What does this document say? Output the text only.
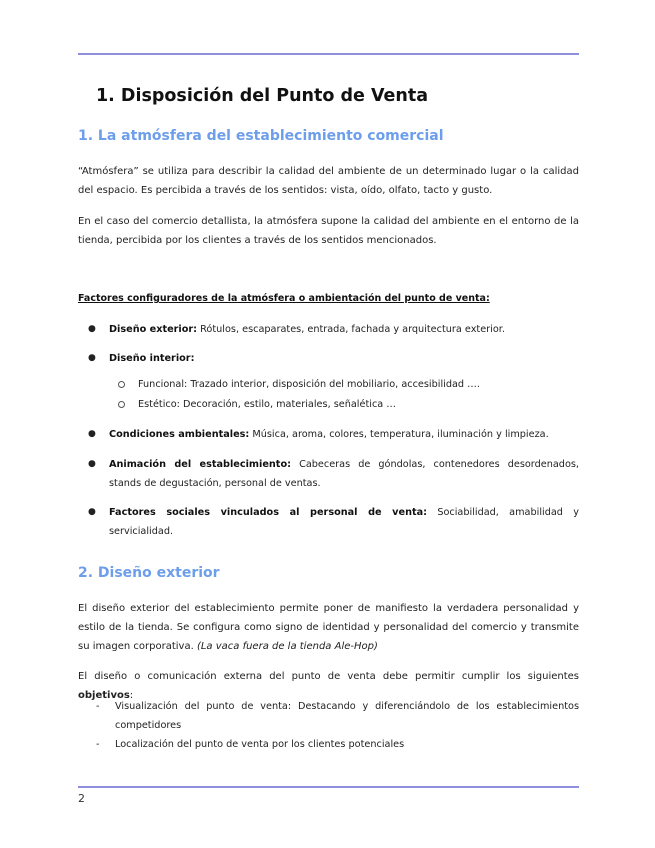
1. Disposición del Punto de Venta
1. La atmósfera del establecimiento comercial

“Atmósfera” se utiliza para describir la calidad del ambiente de un determinado lugar o la calidad del espacio. Es percibida a través de los sentidos: vista, oído, olfato, tacto y gusto.

En el caso del comercio detallista, la atmósfera supone la calidad del ambiente en el entorno de la tienda, percibida por los clientes a través de los sentidos mencionados.

Factores configuradores de la atmósfera o ambientación del punto de venta:
● Diseño exterior: Rótulos, escaparates, entrada, fachada y arquitectura exterior.
● Diseño interior:
Funcional: Trazado interior, disposición del mobiliario, accesibilidad ….
Estético: Decoración, estilo, materiales, señalética …
● Condiciones ambientales: Música, aroma, colores, temperatura, iluminación y limpieza.
● Animación del establecimiento: Cabeceras de góndolas, contenedores desordenados, stands de degustación, personal de ventas.
● Factores sociales vinculados al personal de venta: Sociabilidad, amabilidad y servicialidad.
2. Diseño exterior

El diseño exterior del establecimiento permite poner de manifiesto la verdadera personalidad y estilo de la tienda. Se configura como signo de identidad y personalidad del comercio y transmite su imagen corporativa. (La vaca fuera de la tienda Ale-Hop)

El diseño o comunicación externa del punto de venta debe permitir cumplir los siguientes objetivos:

- Visualización del punto de venta: Destacando y diferenciándolo de los establecimientos competidores
- Localización del punto de venta por los clientes potenciales
2
